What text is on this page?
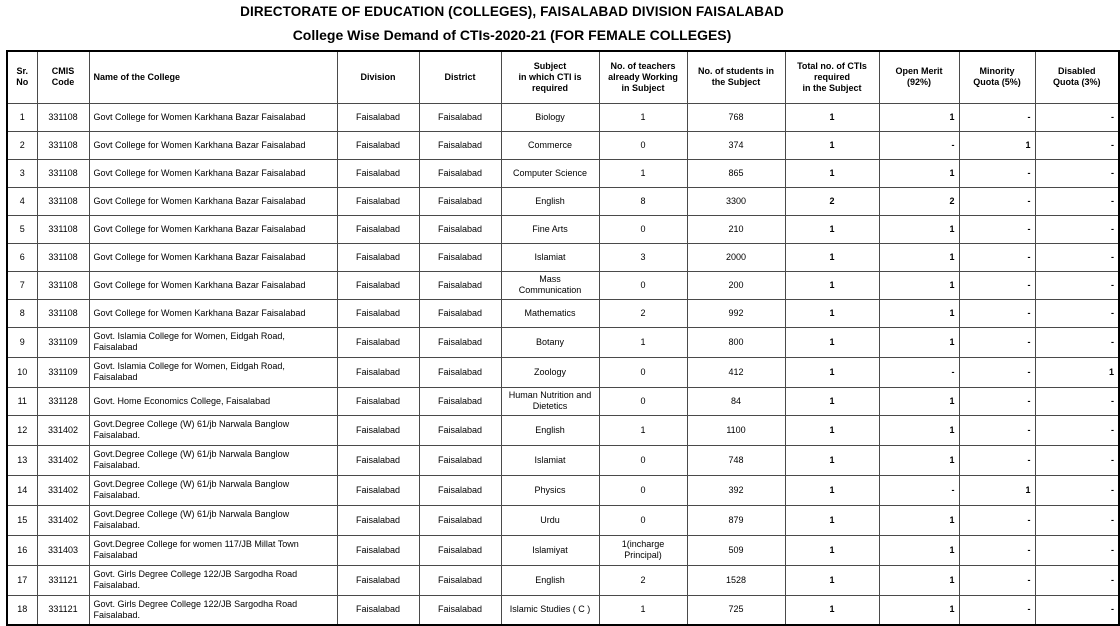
DIRECTORATE OF EDUCATION (COLLEGES), FAISALABAD DIVISION FAISALABAD
College Wise Demand of CTIs-2020-21 (FOR FEMALE COLLEGES)
Sr.
No	CMIS
Code	Name of the College	Division	District	Subject
in which CTI is
required	No. of teachers
already Working
in Subject	No. of students in
the Subject	Total no. of CTIs
required
in the Subject	Open Merit
(92%)	Minority
Quota (5%)	Disabled
Quota (3%)
1	331108	Govt College for Women Karkhana Bazar Faisalabad	Faisalabad	Faisalabad	Biology	1	768	1	1	-	-
2	331108	Govt College for Women Karkhana Bazar Faisalabad	Faisalabad	Faisalabad	Commerce	0	374	1	-	1	-
3	331108	Govt College for Women Karkhana Bazar Faisalabad	Faisalabad	Faisalabad	Computer Science	1	865	1	1	-	-
4	331108	Govt College for Women Karkhana Bazar Faisalabad	Faisalabad	Faisalabad	English	8	3300	2	2	-	-
5	331108	Govt College for Women Karkhana Bazar Faisalabad	Faisalabad	Faisalabad	Fine Arts	0	210	1	1	-	-
6	331108	Govt College for Women Karkhana Bazar Faisalabad	Faisalabad	Faisalabad	Islamiat	3	2000	1	1	-	-
7	331108	Govt College for Women Karkhana Bazar Faisalabad	Faisalabad	Faisalabad	Mass
Communication	0	200	1	1	-	-
8	331108	Govt College for Women Karkhana Bazar Faisalabad	Faisalabad	Faisalabad	Mathematics	2	992	1	1	-	-
9	331109	Govt. Islamia College for Women, Eidgah Road,
Faisalabad	Faisalabad	Faisalabad	Botany	1	800	1	1	-	-
10	331109	Govt. Islamia College for Women, Eidgah Road,
Faisalabad	Faisalabad	Faisalabad	Zoology	0	412	1	-	-	1
11	331128	Govt. Home Economics College, Faisalabad	Faisalabad	Faisalabad	Human Nutrition and
Dietetics	0	84	1	1	-	-
12	331402	Govt.Degree College (W) 61/jb Narwala Banglow
Faisalabad.	Faisalabad	Faisalabad	English	1	1100	1	1	-	-
13	331402	Govt.Degree College (W) 61/jb Narwala Banglow
Faisalabad.	Faisalabad	Faisalabad	Islamiat	0	748	1	1	-	-
14	331402	Govt.Degree College (W) 61/jb Narwala Banglow
Faisalabad.	Faisalabad	Faisalabad	Physics	0	392	1	-	1	-
15	331402	Govt.Degree College (W) 61/jb Narwala Banglow
Faisalabad.	Faisalabad	Faisalabad	Urdu	0	879	1	1	-	-
16	331403	Govt.Degree College for women 117/JB Millat Town
Faisalabad	Faisalabad	Faisalabad	Islamiyat	1(incharge
Principal)	509	1	1	-	-
17	331121	Govt. Girls Degree College 122/JB Sargodha Road
Faisalabad.	Faisalabad	Faisalabad	English	2	1528	1	1	-	-
18	331121	Govt. Girls Degree College 122/JB Sargodha Road
Faisalabad.	Faisalabad	Faisalabad	Islamic Studies ( C )	1	725	1	1	-	-
